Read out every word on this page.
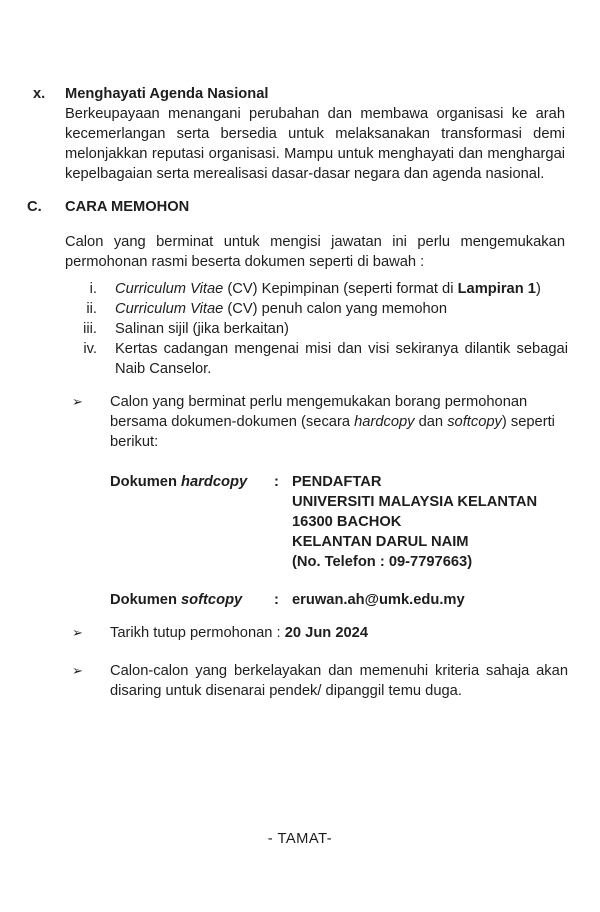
x.	Menghayati Agenda Nasional
Berkeupayaan menangani perubahan dan membawa organisasi ke arah kecemerlangan serta bersedia untuk melaksanakan transformasi demi melonjakkan reputasi organisasi. Mampu untuk menghayati dan menghargai kepelbagaian serta merealisasi dasar-dasar negara dan agenda nasional.
C.	CARA MEMOHON
Calon yang berminat untuk mengisi jawatan ini perlu mengemukakan permohonan rasmi beserta dokumen seperti di bawah :
i.	Curriculum Vitae (CV) Kepimpinan (seperti format di Lampiran 1)
ii.	Curriculum Vitae (CV) penuh calon yang memohon
iii.	Salinan sijil (jika berkaitan)
iv.	Kertas cadangan mengenai misi dan visi sekiranya dilantik sebagai Naib Canselor.
➢	Calon yang berminat perlu mengemukakan borang permohonan bersama dokumen-dokumen (secara hardcopy dan softcopy) seperti berikut:
Dokumen hardcopy	: PENDAFTAR
UNIVERSITI MALAYSIA KELANTAN
16300 BACHOK
KELANTAN DARUL NAIM
(No. Telefon : 09-7797663)
Dokumen softcopy	: eruwan.ah@umk.edu.my
➢	Tarikh tutup permohonan : 20 Jun 2024
➢	Calon-calon yang berkelayakan dan memenuhi kriteria sahaja akan disaring untuk disenarai pendek/ dipanggil temu duga.
- TAMAT-
